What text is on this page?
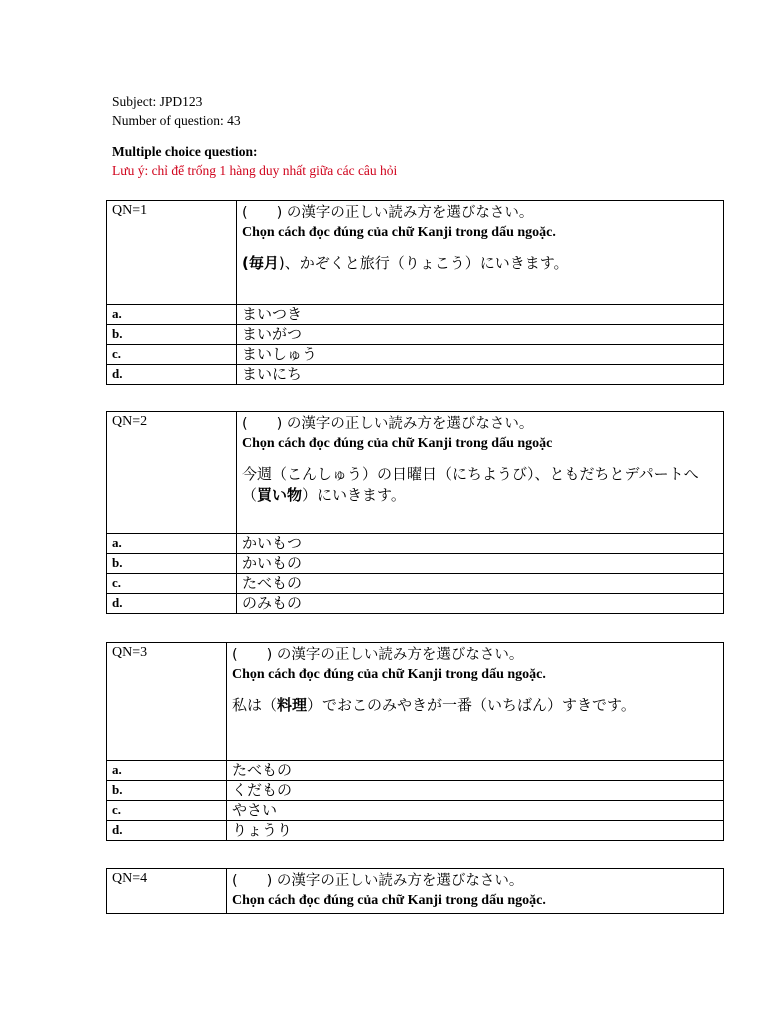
Subject: JPD123
Number of question: 43
Multiple choice question:
Lưu ý: chỉ để trống 1 hàng duy nhất giữa các câu hỏi
QN=1	(　　) の漢字の正しい読み方を選びなさい。
Chọn cách đọc đúng của chữ Kanji trong dấu ngoặc.
(毎月)、かぞくと旅行（りょこう）にいきます。

a.	まいつき
b.	まいがつ
c.	まいしゅう
d.	まいにち
QN=2	(　　) の漢字の正しい読み方を選びなさい。
Chọn cách đọc đúng của chữ Kanji trong dấu ngoặc
今週（こんしゅう）の日曜日（にちようび）、ともだちとデパートへ（買い物）にいきます。

a.	かいもつ
b.	かいもの
c.	たべもの
d.	のみもの
QN=3	(　　) の漢字の正しい読み方を選びなさい。
Chọn cách đọc đúng của chữ Kanji trong dấu ngoặc.
私は（料理）でおこのみやきが一番（いちばん）すきです。

a.	たべもの
b.	くだもの
c.	やさい
d.	りょうり
QN=4	(　　) の漢字の正しい読み方を選びなさい。
Chọn cách đọc đúng của chữ Kanji trong dấu ngoặc.
